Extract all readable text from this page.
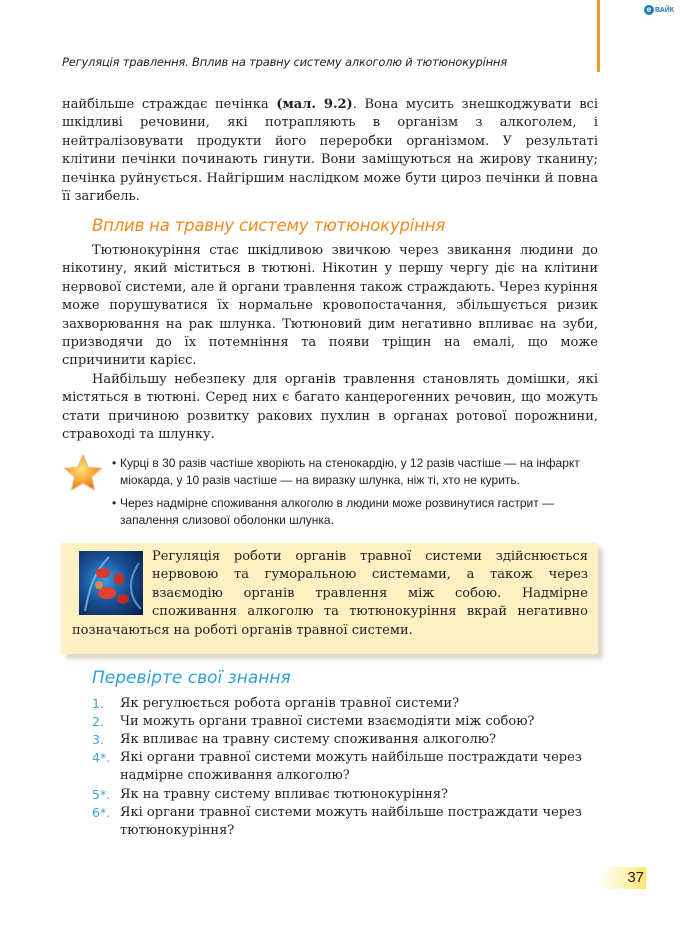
e ВАЙК
Регуляція травлення. Вплив на травну систему алкоголю й тютюнокуріння

найбільше страждає печінка (мал. 9.2). Вона мусить знешкоджувати всі шкідливі речовини, які потрапляють в організм з алкоголем, і нейтралізовувати продукти його переробки організмом. У результаті клітини печінки починають гинути. Вони заміщуються на жирову тканину; печінка руйнується. Найгіршим наслідком може бути цироз печінки й повна її загибель.

Вплив на травну систему тютюнокуріння

Тютюнокуріння стає шкідливою звичкою через звикання людини до нікотину, який міститься в тютюні. Нікотин у першу чергу діє на клітини нервової системи, але й органи травлення також страждають. Через куріння може порушуватися їх нормальне кровопостачання, збільшується ризик захворювання на рак шлунка. Тютюновий дим негативно впливає на зуби, призводячи до їх потемніння та появи тріщин на емалі, що може спричинити карієс.

Найбільшу небезпеку для органів травлення становлять домішки, які містяться в тютюні. Серед них є багато канцерогенних речовин, що можуть стати причиною розвитку ракових пухлин в органах ротової порожнини, стравоході та шлунку.

• Курці в 30 разів частіше хворіють на стенокардію, у 12 разів частіше — на інфаркт міокарда, у 10 разів частіше — на виразку шлунка, ніж ті, хто не курить.

• Через надмірне споживання алкоголю в людини може розвинутися гастрит — запалення слизової оболонки шлунка.

Регуляція роботи органів травної системи здійснюється нервовою та гуморальною системами, а також через взаємодію органів травлення між собою. Надмірне споживання алкоголю та тютюнокуріння вкрай негативно позначаються на роботі органів травної системи.

Перевірте свої знання

1. Як регулюється робота органів травної системи?

2. Чи можуть органи травної системи взаємодіяти між собою?

3. Як впливає на травну систему споживання алкоголю?

4*. Які органи травної системи можуть найбільше постраждати через надмірне споживання алкоголю?

5*. Як на травну систему впливає тютюнокуріння?

6*. Які органи травної системи можуть найбільше постраждати через тютюнокуріння?

37
